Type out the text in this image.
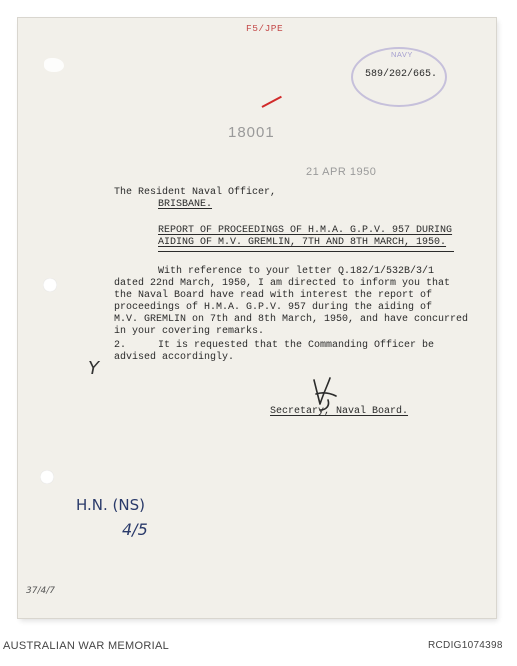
F5/JPE
NAVY
589/202/665.
18001
21 APR 1950
The Resident Naval Officer,
BRISBANE.
REPORT OF PROCEEDINGS OF H.M.A. G.P.V. 957 DURING
AIDING OF M.V. GREMLIN, 7TH AND 8TH MARCH, 1950.
With reference to your letter Q.182/1/532B/3/1
dated 22nd March, 1950, I am directed to inform you that
the Naval Board have read with interest the report of
proceedings of H.M.A. G.P.V. 957 during the aiding of
M.V. GREMLIN on 7th and 8th March, 1950, and have concurred
in your covering remarks.
2.	It is requested that the Commanding Officer be
advised accordingly.
Y
Secretary, Naval Board.
H.N. (NS)
4/5
37/4/7
AUSTRALIAN WAR MEMORIAL	RCDIG1074398
